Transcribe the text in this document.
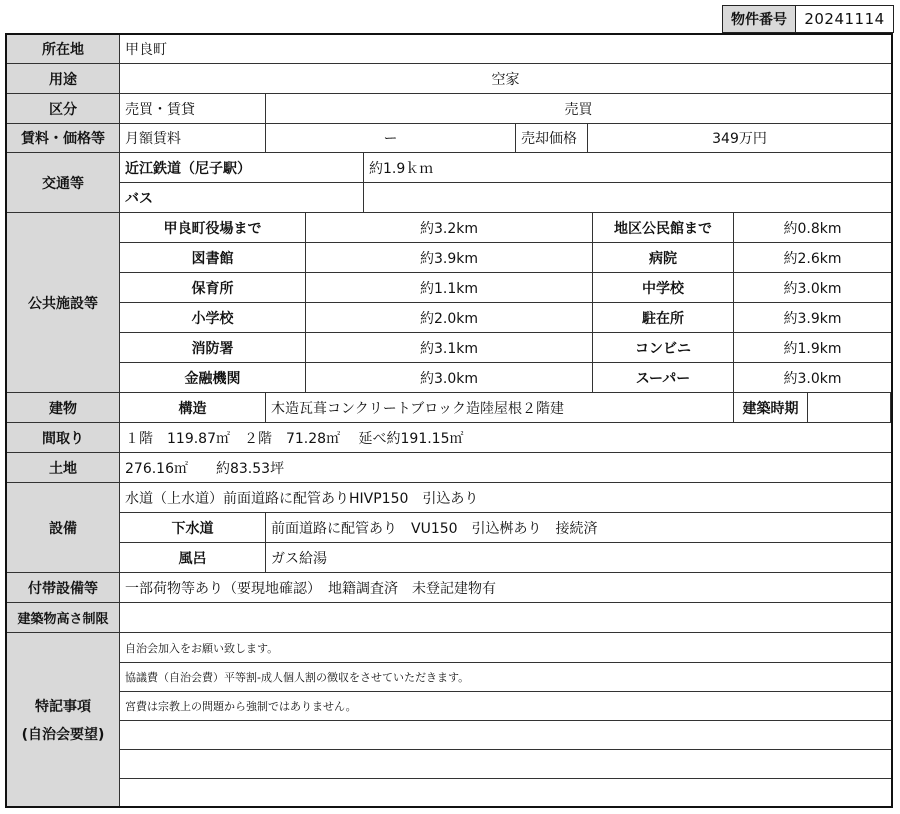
物件番号	20241114
所在地	甲良町
用途	空家
区分	売買・賃貸	売買
賃料・価格等	月額賃料	ー	売却価格	349万円
交通等
近江鉄道（尼子駅）	約1.9ｋｍ
バス
公共施設等
甲良町役場まで	約3.2km	地区公民館まで	約0.8km
図書館	約3.9km	病院	約2.6km
保育所	約1.1km	中学校	約3.0km
小学校	約2.0km	駐在所	約3.9km
消防署	約3.1km	コンビニ	約1.9km
金融機関	約3.0km	スーパー	約3.0km
建物	構造	木造瓦葺コンクリートブロック造陸屋根２階建	建築時期
間取り	１階　119.87㎡　２階　71.28㎡　 延べ約191.15㎡
土地	276.16㎡　　約83.53坪
設備
水道（上水道）前面道路に配管ありHIVP150　引込あり
下水道	前面道路に配管あり　VU150　引込桝あり　接続済
風呂	ガス給湯
付帯設備等	一部荷物等あり（要現地確認）　地籍調査済　未登記建物有
建築物高さ制限
特記事項
(自治会要望)
自治会加入をお願い致します。
協議費（自治会費）平等割-成人個人割の徴収をさせていただきます。
宮費は宗教上の問題から強制ではありません。
